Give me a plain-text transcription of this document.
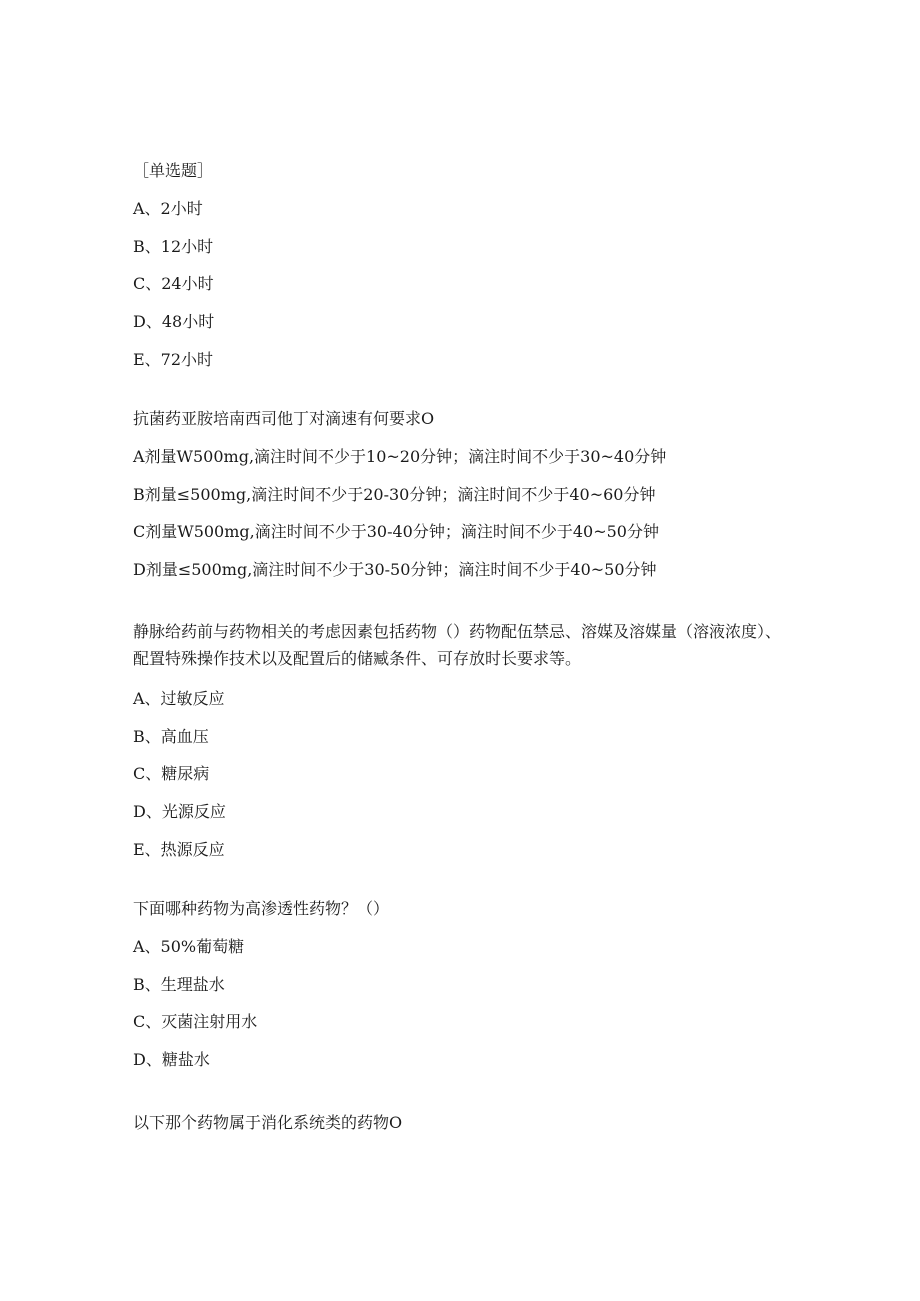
［单选题］
A、2小时
B、12小时
C、24小时
D、48小时
E、72小时
抗菌药亚胺培南西司他丁对滴速有何要求O
A剂量W500mg,滴注时间不少于10~20分钟；滴注时间不少于30~40分钟
B剂量≤500mg,滴注时间不少于20-30分钟；滴注时间不少于40~60分钟
C剂量W500mg,滴注时间不少于30-40分钟；滴注时间不少于40~50分钟
D剂量≤500mg,滴注时间不少于30-50分钟；滴注时间不少于40~50分钟
静脉给药前与药物相关的考虑因素包括药物（）药物配伍禁忌、溶媒及溶媒量（溶液浓度）、配置特殊操作技术以及配置后的储臧条件、可存放时长要求等。
A、过敏反应
B、高血压
C、糖尿病
D、光源反应
E、热源反应
下面哪种药物为高渗透性药物？（）
A、50%葡萄糖
B、生理盐水
C、灭菌注射用水
D、糖盐水
以下那个药物属于消化系统类的药物O
